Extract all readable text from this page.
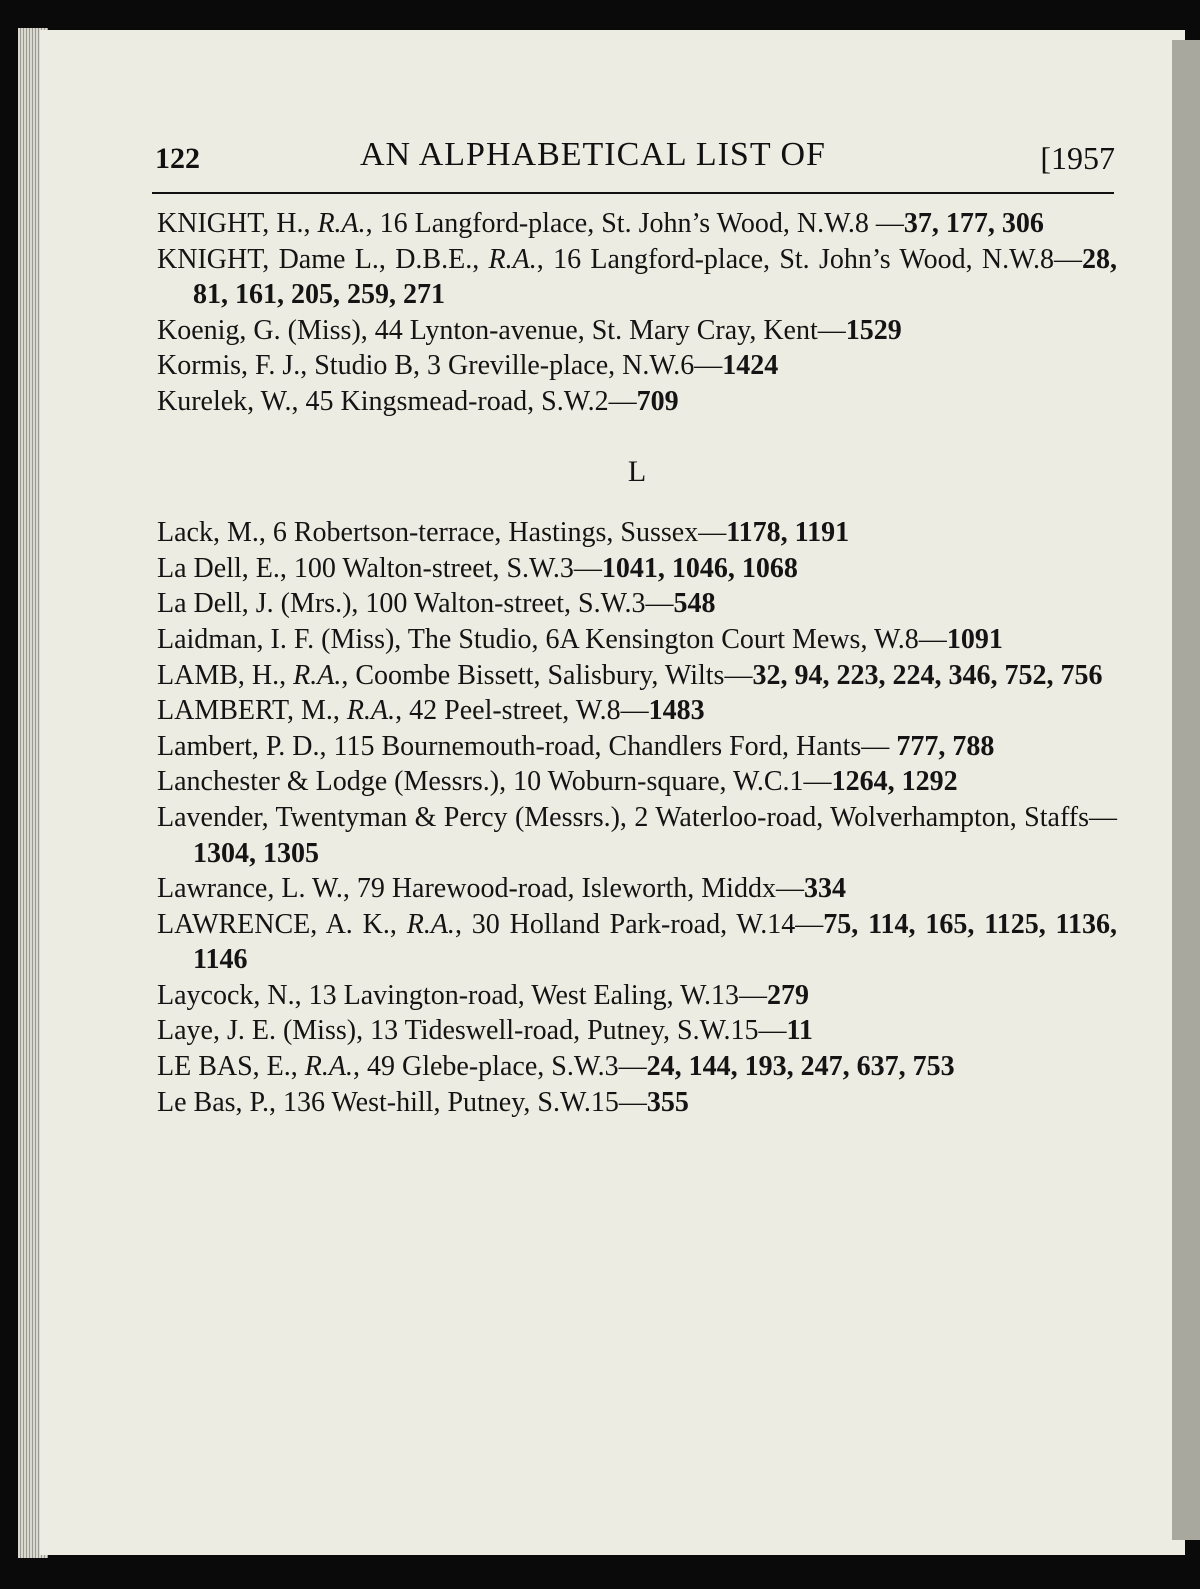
122	AN ALPHABETICAL LIST OF	[1957
KNIGHT, H., R.A., 16 Langford-place, St. John’s Wood, N.W.8 —37, 177, 306
KNIGHT, Dame L., D.B.E., R.A., 16 Langford-place, St. John’s Wood, N.W.8—28, 81, 161, 205, 259, 271
Koenig, G. (Miss), 44 Lynton-avenue, St. Mary Cray, Kent—1529
Kormis, F. J., Studio B, 3 Greville-place, N.W.6—1424
Kurelek, W., 45 Kingsmead-road, S.W.2—709
L
Lack, M., 6 Robertson-terrace, Hastings, Sussex—1178, 1191
La Dell, E., 100 Walton-street, S.W.3—1041, 1046, 1068
La Dell, J. (Mrs.), 100 Walton-street, S.W.3—548
Laidman, I. F. (Miss), The Studio, 6A Kensington Court Mews, W.8—1091
LAMB, H., R.A., Coombe Bissett, Salisbury, Wilts—32, 94, 223, 224, 346, 752, 756
LAMBERT, M., R.A., 42 Peel-street, W.8—1483
Lambert, P. D., 115 Bournemouth-road, Chandlers Ford, Hants— 777, 788
Lanchester & Lodge (Messrs.), 10 Woburn-square, W.C.1—1264, 1292
Lavender, Twentyman & Percy (Messrs.), 2 Waterloo-road, Wolverhampton, Staffs—1304, 1305
Lawrance, L. W., 79 Harewood-road, Isleworth, Middx—334
LAWRENCE, A. K., R.A., 30 Holland Park-road, W.14—75, 114, 165, 1125, 1136, 1146
Laycock, N., 13 Lavington-road, West Ealing, W.13—279
Laye, J. E. (Miss), 13 Tideswell-road, Putney, S.W.15—11
LE BAS, E., R.A., 49 Glebe-place, S.W.3—24, 144, 193, 247, 637, 753
Le Bas, P., 136 West-hill, Putney, S.W.15—355
